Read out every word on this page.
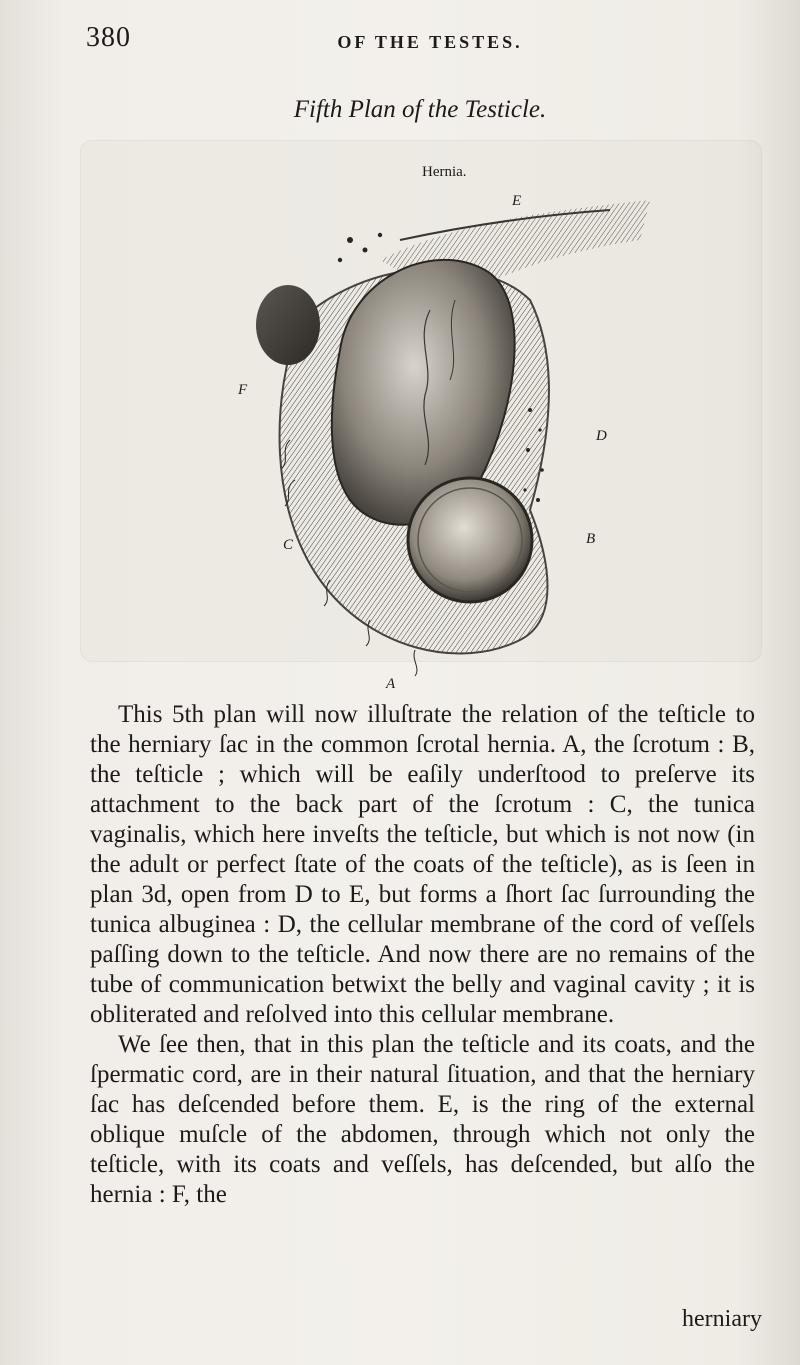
380	OF THE TESTES.
Fifth Plan of the Testicle.
Hernia.
E
F
D
C	B
A

This 5th plan will now illuſtrate the relation of the teſticle to the herniary ſac in the common ſcrotal hernia. A, the ſcrotum : B, the teſticle ; which will be eaſily underſtood to preſerve its attachment to the back part of the ſcrotum : C, the tunica vaginalis, which here inveſts the teſticle, but which is not now (in the adult or perfect ſtate of the coats of the teſticle), as is ſeen in plan 3d, open from D to E, but forms a ſhort ſac ſurrounding the tunica albuginea : D, the cellular membrane of the cord of veſſels paſſing down to the teſticle. And now there are no remains of the tube of communication betwixt the belly and vaginal cavity ; it is obliterated and reſolved into this cellular membrane.

We ſee then, that in this plan the teſticle and its coats, and the ſpermatic cord, are in their natural ſituation, and that the herniary ſac has deſcended before them. E, is the ring of the external oblique muſcle of the abdomen, through which not only the teſticle, with its coats and veſſels, has deſcended, but alſo the hernia : F, the

herniary
